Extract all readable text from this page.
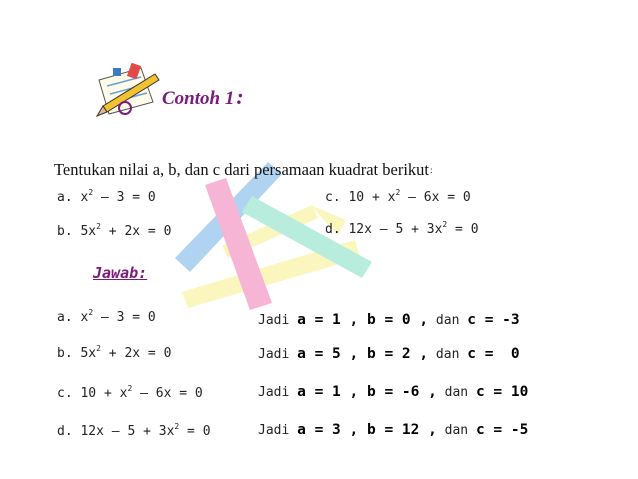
Contoh 1:
Tentukan nilai a, b, dan c dari persamaan kuadrat berikut:
a. $x^2 - 3 = 0$
b. $5x^2 + 2x = 0$
c. $10 + x^2 - 6x = 0$
d. $12x - 5 + 3x^2 = 0$
Jawab:
a. $x^2 - 3 = 0$
b. $5x^2 + 2x = 0$
c. $10 + x^2 - 6x = 0$
d. $12x - 5 + 3x^2 = 0$
Jadi a = 1 , b = 0 , dan c = -3
Jadi a = 5 , b = 2 , dan c =  0
Jadi a = 1 , b = -6 , dan c = 10
Jadi a = 3 , b = 12 , dan c = -5
